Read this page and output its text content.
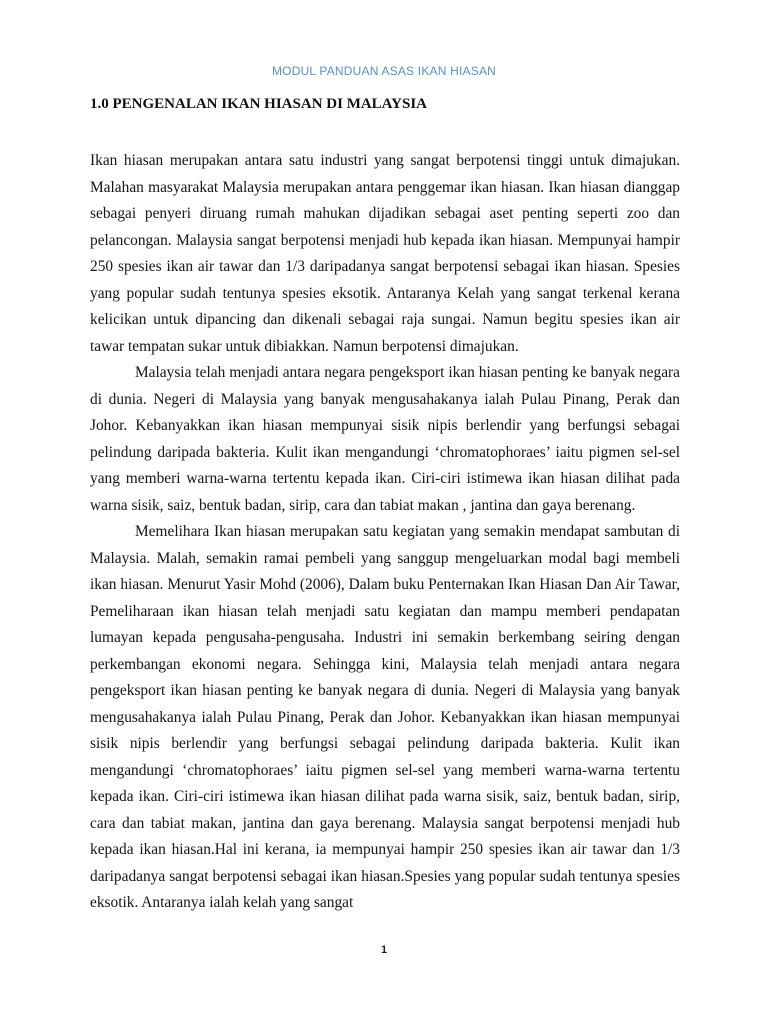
MODUL PANDUAN ASAS IKAN HIASAN
1.0 PENGENALAN IKAN HIASAN DI MALAYSIA

Ikan hiasan merupakan antara satu industri yang sangat berpotensi tinggi untuk dimajukan. Malahan masyarakat Malaysia merupakan antara penggemar ikan hiasan. Ikan hiasan dianggap sebagai penyeri diruang rumah mahukan dijadikan sebagai aset penting seperti zoo dan pelancongan. Malaysia sangat berpotensi menjadi hub kepada ikan hiasan. Mempunyai hampir 250 spesies ikan air tawar dan 1/3 daripadanya sangat berpotensi sebagai ikan hiasan. Spesies yang popular sudah tentunya spesies eksotik. Antaranya Kelah yang sangat terkenal kerana kelicikan untuk dipancing dan dikenali sebagai raja sungai. Namun begitu spesies ikan air tawar tempatan sukar untuk dibiakkan. Namun berpotensi dimajukan.

Malaysia telah menjadi antara negara pengeksport ikan hiasan penting ke banyak negara di dunia. Negeri di Malaysia yang banyak mengusahakanya ialah Pulau Pinang, Perak dan Johor. Kebanyakkan ikan hiasan mempunyai sisik nipis berlendir yang berfungsi sebagai pelindung daripada bakteria. Kulit ikan mengandungi ‘chromatophoraes’ iaitu pigmen sel-sel yang memberi warna-warna tertentu kepada ikan. Ciri-ciri istimewa ikan hiasan dilihat pada warna sisik, saiz, bentuk badan, sirip, cara dan tabiat makan , jantina dan gaya berenang.

Memelihara Ikan hiasan merupakan satu kegiatan yang semakin mendapat sambutan di Malaysia. Malah, semakin ramai pembeli yang sanggup mengeluarkan modal bagi membeli ikan hiasan. Menurut Yasir Mohd (2006), Dalam buku Penternakan Ikan Hiasan Dan Air Tawar, Pemeliharaan ikan hiasan telah menjadi satu kegiatan dan mampu memberi pendapatan lumayan kepada pengusaha-pengusaha. Industri ini semakin berkembang seiring dengan perkembangan ekonomi negara. Sehingga kini, Malaysia telah menjadi antara negara pengeksport ikan hiasan penting ke banyak negara di dunia. Negeri di Malaysia yang banyak mengusahakanya ialah Pulau Pinang, Perak dan Johor. Kebanyakkan ikan hiasan mempunyai sisik nipis berlendir yang berfungsi sebagai pelindung daripada bakteria. Kulit ikan mengandungi ‘chromatophoraes’ iaitu pigmen sel-sel yang memberi warna-warna tertentu kepada ikan. Ciri-ciri istimewa ikan hiasan dilihat pada warna sisik, saiz, bentuk badan, sirip, cara dan tabiat makan, jantina dan gaya berenang. Malaysia sangat berpotensi menjadi hub kepada ikan hiasan.Hal ini kerana, ia mempunyai hampir 250 spesies ikan air tawar dan 1/3 daripadanya sangat berpotensi sebagai ikan hiasan.Spesies yang popular sudah tentunya spesies eksotik. Antaranya ialah kelah yang sangat

1
